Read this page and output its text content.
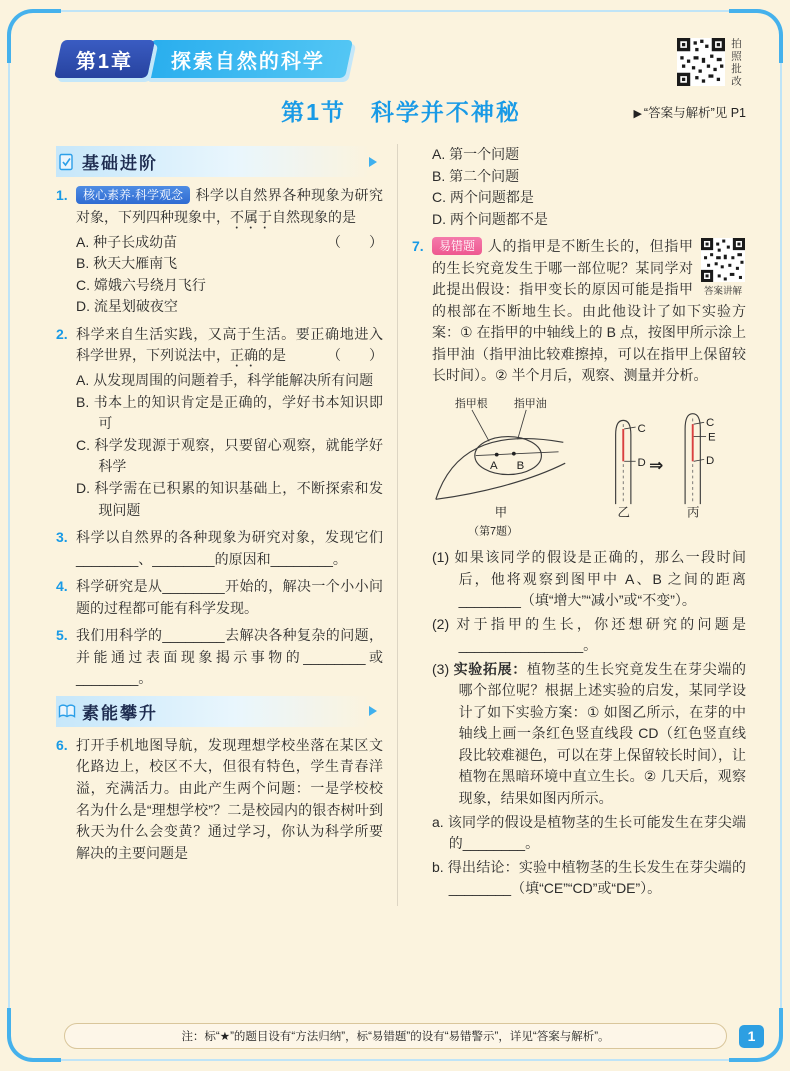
第1章 探索自然的科学	拍照批改
第1节　科学并不神秘	▶ “答案与解析”见 P1
基础进阶
1.	核心素养·科学观念 科学以自然界各种现象为研究对象，下列四种现象中，不属于自然现象的是
（　　）

A. 种子长成幼苗

B. 秋天大雁南飞

C. 嫦娥六号绕月飞行

D. 流星划破夜空

2. 科学来自生活实践，又高于生活。要正确地进入科学世界，下列说法中，正确的是	（　　）

A. 从发现周围的问题着手，科学能解决所有问题

B. 书本上的知识肯定是正确的，学好书本知识即可

C. 科学发现源于观察，只要留心观察，就能学好科学

D. 科学需在已积累的知识基础上，不断探索和发现问题

3. 科学以自然界的各种现象为研究对象，发现它们________、________的原因和________。

4. 科学研究是从________开始的，解决一个小小问题的过程都可能有科学发现。

5. 我们用科学的________去解决各种复杂的问题，并能通过表面现象揭示事物的________或________。

素能攀升
6. 打开手机地图导航，发现理想学校坐落在某区文化路边上，校区不大，但很有特色，学生青春洋溢，充满活力。由此产生两个问题：一是学校校名为什么是“理想学校”？二是校园内的银杏树叶到秋天为什么会变黄？通过学习，你认为科学所要解决的主要问题是

A. 第一个问题

B. 第二个问题

C. 两个问题都是

D. 两个问题都不是

7.
答案讲解

易错题 人的指甲是不断生长的，但指甲的生长究竟发生于哪一部位呢？某同学对此提出假设：指甲变长的原因可能是指甲的根部在不断地生长。由此他设计了如下实验方案：① 在指甲的中轴线上的 B 点，按图甲所示涂上指甲油（指甲油比较难擦掉，可以在指甲上保留较长时间）。② 半个月后，观察、测量并分析。

指甲根 指甲油
A B
甲
（第7题）
C
D
乙
⇒
C
E
D
丙

(1) 如果该同学的假设是正确的，那么一段时间后，他将观察到图甲中 A、B 之间的距离________（填“增大”“减小”或“不变”）。

(2) 对于指甲的生长，你还想研究的问题是________________。

(3) 实验拓展：植物茎的生长究竟发生在芽尖端的哪个部位呢？根据上述实验的启发，某同学设计了如下实验方案：① 如图乙所示，在芽的中轴线上画一条红色竖直线段 CD（红色竖直线段比较难褪色，可以在芽上保留较长时间），让植物在黑暗环境中直立生长。② 几天后，观察现象，结果如图丙所示。

a. 该同学的假设是植物茎的生长可能发生在芽尖端的________。

b. 得出结论：实验中植物茎的生长发生在芽尖端的________（填“CE”“CD”或“DE”）。

注：标“★”的题目设有“方法归纳”，标“易错题”的设有“易错警示”，详见“答案与解析”。	1
